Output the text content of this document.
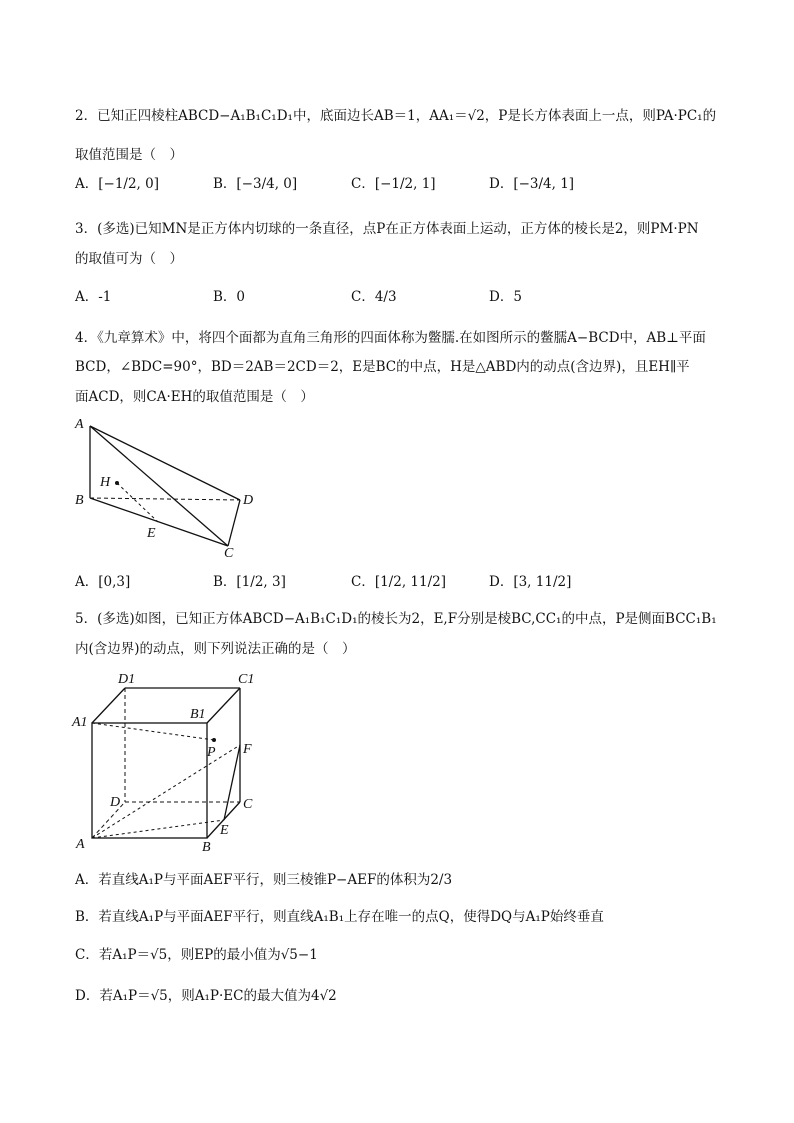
2．已知正四棱柱ABCD−A₁B₁C₁D₁中，底面边长AB＝1，AA₁＝√2，P是长方体表面上一点，则PA·PC₁的
取值范围是（　）
A．[−1/2, 0]	B．[−3/4, 0]	C．[−1/2, 1]	D．[−3/4, 1]
3．(多选)已知MN是正方体内切球的一条直径，点P在正方体表面上运动，正方体的棱长是2，则PM·PN
的取值可为（　）
A．-1	B．0	C．4/3	D．5
4．《九章算术》中，将四个面都为直角三角形的四面体称为鳖臑.在如图所示的鳖臑A−BCD中，AB⊥平面
BCD，∠BDC=90°，BD＝2AB＝2CD＝2，E是BC的中点，H是△ABD内的动点(含边界)，且EH∥平
面ACD，则CA·EH的取值范围是（　）
A
H
B	D
E
C
A．[0,3]	B．[1/2, 3]	C．[1/2, 11/2]	D．[3, 11/2]
5．(多选)如图，已知正方体ABCD−A₁B₁C₁D₁的棱长为2，E,F分别是棱BC,CC₁的中点，P是侧面BCC₁B₁
内(含边界)的动点，则下列说法正确的是（　）
D1	C1
A1
B1
P F
D	C
E
A	B
A．若直线A₁P与平面AEF平行，则三棱锥P−AEF的体积为2/3
B．若直线A₁P与平面AEF平行，则直线A₁B₁上存在唯一的点Q，使得DQ与A₁P始终垂直
C．若A₁P＝√5，则EP的最小值为√5−1
D．若A₁P＝√5，则A₁P·EC的最大值为4√2
